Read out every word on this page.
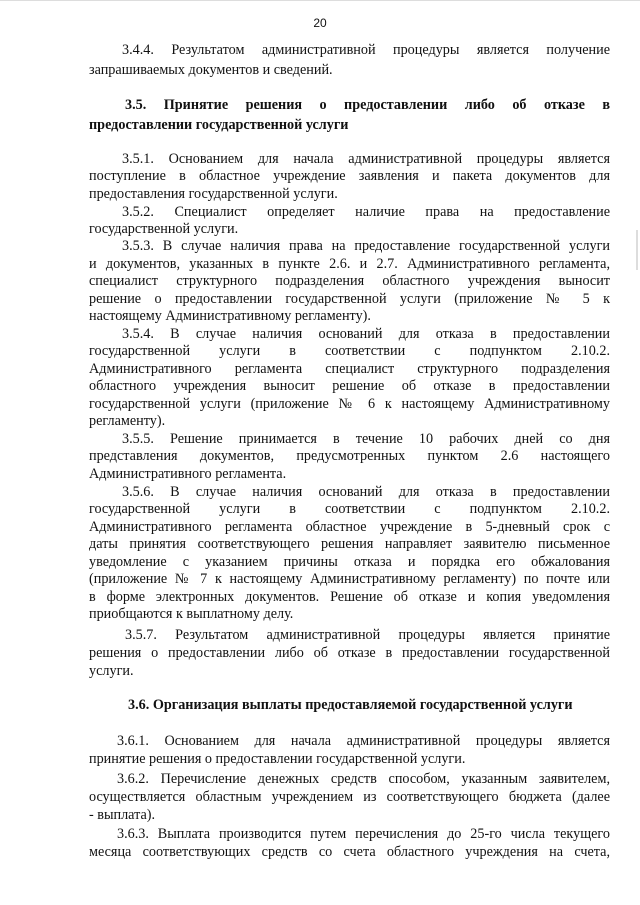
20
3.4.4. Результатом административной процедуры является получение
запрашиваемых документов и сведений.
3.5. Принятие решения о предоставлении либо об отказе в
предоставлении государственной услуги
3.5.1. Основанием для начала административной процедуры является
поступление в областное учреждение заявления и пакета документов для
предоставления государственной услуги.
3.5.2. Специалист определяет наличие права на предоставление
государственной услуги.
3.5.3. В случае наличия права на предоставление государственной услуги
и документов, указанных в пункте 2.6. и 2.7. Административного регламента,
специалист структурного подразделения областного учреждения выносит
решение о предоставлении государственной услуги (приложение № 5 к
настоящему Административному регламенту).
3.5.4. В случае наличия оснований для отказа в предоставлении
государственной услуги в соответствии с подпунктом 2.10.2.
Административного регламента специалист структурного подразделения
областного учреждения выносит решение об отказе в предоставлении
государственной услуги (приложение № 6 к настоящему Административному
регламенту).
3.5.5. Решение принимается в течение 10 рабочих дней со дня
представления документов, предусмотренных пунктом 2.6 настоящего
Административного регламента.
3.5.6. В случае наличия оснований для отказа в предоставлении
государственной услуги в соответствии с подпунктом 2.10.2.
Административного регламента областное учреждение в 5-дневный срок с
даты принятия соответствующего решения направляет заявителю письменное
уведомление с указанием причины отказа и порядка его обжалования
(приложение № 7 к настоящему Административному регламенту) по почте или
в форме электронных документов. Решение об отказе и копия уведомления
приобщаются к выплатному делу.
3.5.7. Результатом административной процедуры является принятие
решения о предоставлении либо об отказе в предоставлении государственной
услуги.
3.6. Организация выплаты предоставляемой государственной услуги
3.6.1. Основанием для начала административной процедуры является
принятие решения о предоставлении государственной услуги.
3.6.2. Перечисление денежных средств способом, указанным заявителем,
осуществляется областным учреждением из соответствующего бюджета (далее
- выплата).
3.6.3. Выплата производится путем перечисления до 25-го числа текущего
месяца соответствующих средств со счета областного учреждения на счета,
